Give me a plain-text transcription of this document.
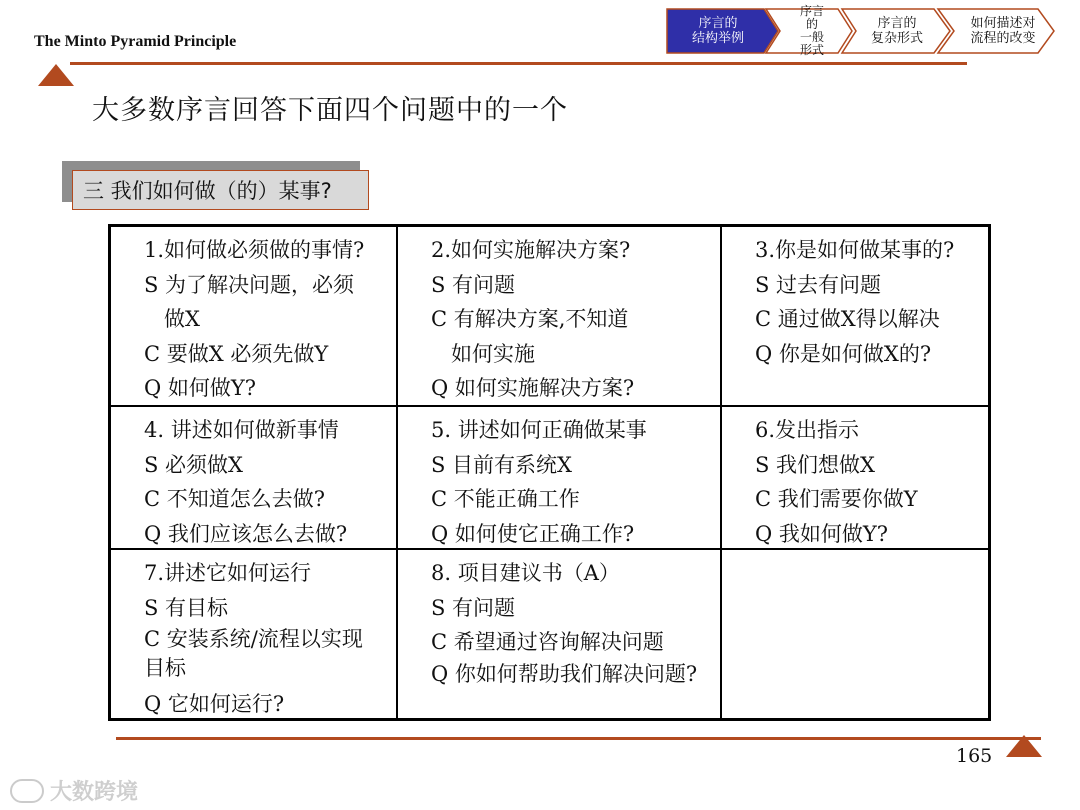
The Minto Pyramid Principle
序言的
结构举例
序言
的
一般
形式
序言的
复杂形式
如何描述对
流程的改变
大多数序言回答下面四个问题中的一个
三 我们如何做（的）某事?
1.如何做必须做的事情?
S 为了解决问题，必须
做X
C 要做X 必须先做Y
Q 如何做Y?
2.如何实施解决方案?
S 有问题
C 有解决方案,不知道
如何实施
Q 如何实施解决方案?
3.你是如何做某事的?
S 过去有问题
C 通过做X得以解决
Q 你是如何做X的?
4. 讲述如何做新事情
S 必须做X
C 不知道怎么去做?
Q 我们应该怎么去做?
5. 讲述如何正确做某事
S 目前有系统X
C 不能正确工作
Q 如何使它正确工作?
6.发出指示
S 我们想做X
C 我们需要你做Y
Q 我如何做Y?
7.讲述它如何运行
S 有目标
C 安装系统/流程以实现 目标
Q 它如何运行?
8. 项目建议书（A）
S 有问题
C 希望通过咨询解决问题
Q 你如何帮助我们解决问题?
165
大数跨境
